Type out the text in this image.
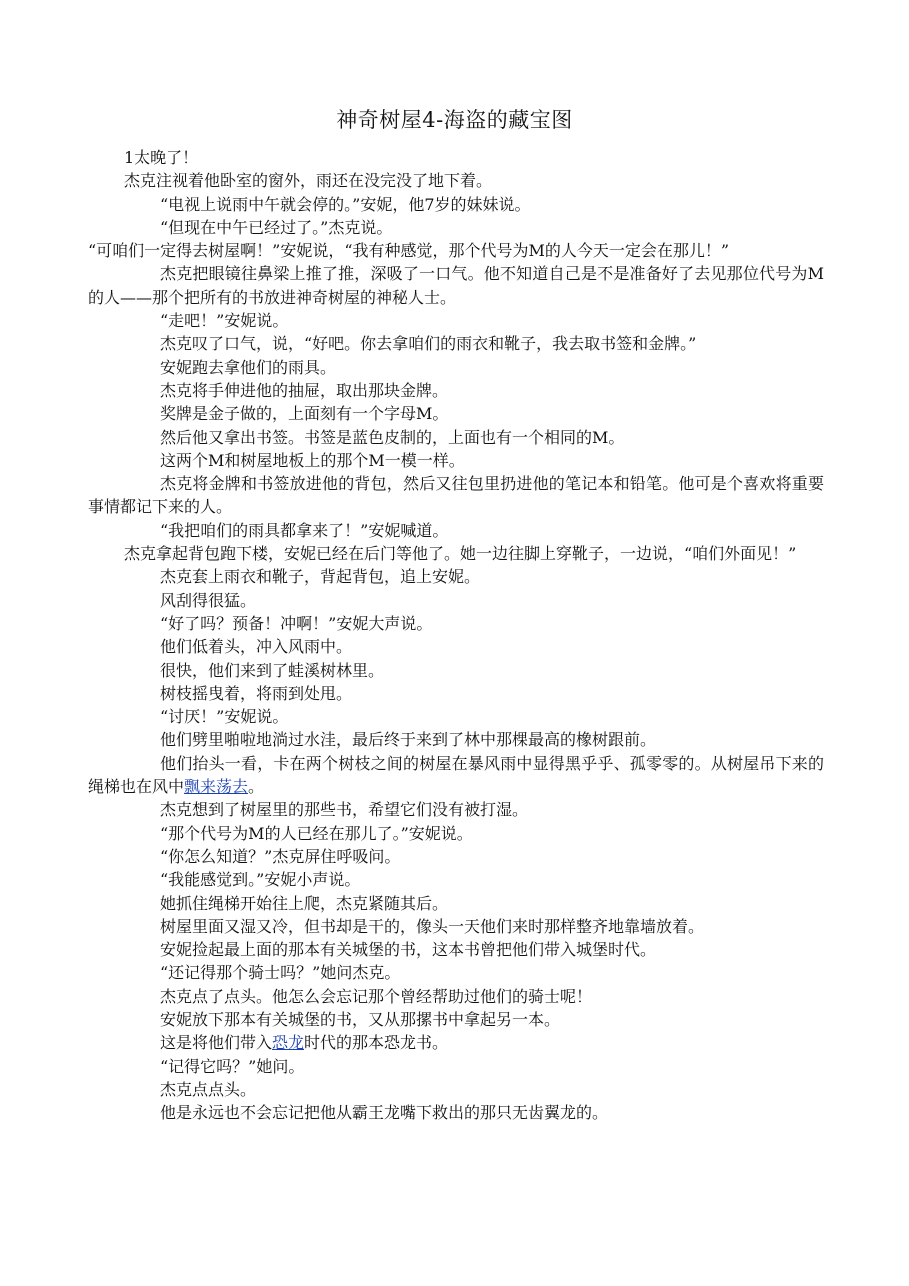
神奇树屋4-海盗的藏宝图

1太晚了！

杰克注视着他卧室的窗外，雨还在没完没了地下着。

“电视上说雨中午就会停的。”安妮，他7岁的妹妹说。

“但现在中午已经过了。”杰克说。

“可咱们一定得去树屋啊！”安妮说，“我有种感觉，那个代号为M的人今天一定会在那儿！”

杰克把眼镜往鼻梁上推了推，深吸了一口气。他不知道自己是不是准备好了去见那位代号为M的人——那个把所有的书放进神奇树屋的神秘人士。

“走吧！”安妮说。

杰克叹了口气，说，“好吧。你去拿咱们的雨衣和靴子，我去取书签和金牌。”

安妮跑去拿他们的雨具。

杰克将手伸进他的抽屉，取出那块金牌。

奖牌是金子做的，上面刻有一个字母M。

然后他又拿出书签。书签是蓝色皮制的，上面也有一个相同的M。

这两个M和树屋地板上的那个M一模一样。

杰克将金牌和书签放进他的背包，然后又往包里扔进他的笔记本和铅笔。他可是个喜欢将重要事情都记下来的人。

“我把咱们的雨具都拿来了！”安妮喊道。

杰克拿起背包跑下楼，安妮已经在后门等他了。她一边往脚上穿靴子，一边说，“咱们外面见！”

杰克套上雨衣和靴子，背起背包，追上安妮。

风刮得很猛。

“好了吗？预备！冲啊！”安妮大声说。

他们低着头，冲入风雨中。

很快，他们来到了蛙溪树林里。

树枝摇曳着，将雨到处甩。

“讨厌！”安妮说。

他们劈里啪啦地淌过水洼，最后终于来到了林中那棵最高的橡树跟前。

他们抬头一看，卡在两个树枝之间的树屋在暴风雨中显得黑乎乎、孤零零的。从树屋吊下来的绳梯也在风中飘来荡去。

杰克想到了树屋里的那些书，希望它们没有被打湿。

“那个代号为M的人已经在那儿了。”安妮说。

“你怎么知道？”杰克屏住呼吸问。

“我能感觉到。”安妮小声说。

她抓住绳梯开始往上爬，杰克紧随其后。

树屋里面又湿又冷，但书却是干的，像头一天他们来时那样整齐地靠墙放着。

安妮捡起最上面的那本有关城堡的书，这本书曾把他们带入城堡时代。

“还记得那个骑士吗？”她问杰克。

杰克点了点头。他怎么会忘记那个曾经帮助过他们的骑士呢！

安妮放下那本有关城堡的书，又从那摞书中拿起另一本。

这是将他们带入恐龙时代的那本恐龙书。

“记得它吗？”她问。

杰克点点头。

他是永远也不会忘记把他从霸王龙嘴下救出的那只无齿翼龙的。
